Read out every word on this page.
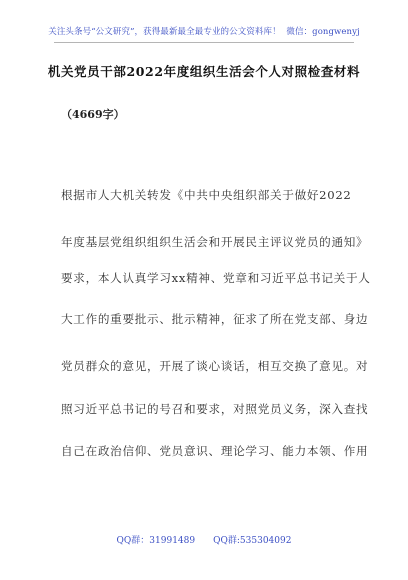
关注头条号“公文研究”，获得最新最全最专业的公文资料库！ 微信：gongwenyj
机关党员干部2022年度组织生活会个人对照检查材料
（4669字）
根据市人大机关转发《中共中央组织部关于做好2022
年度基层党组织组织生活会和开展民主评议党员的通知》
要求，本人认真学习xx精神、党章和习近平总书记关于人
大工作的重要批示、批示精神，征求了所在党支部、身边
党员群众的意见，开展了谈心谈话，相互交换了意见。对
照习近平总书记的号召和要求，对照党员义务，深入查找
自己在政治信仰、党员意识、理论学习、能力本领、作用
QQ群：31991489 QQ群:535304092
